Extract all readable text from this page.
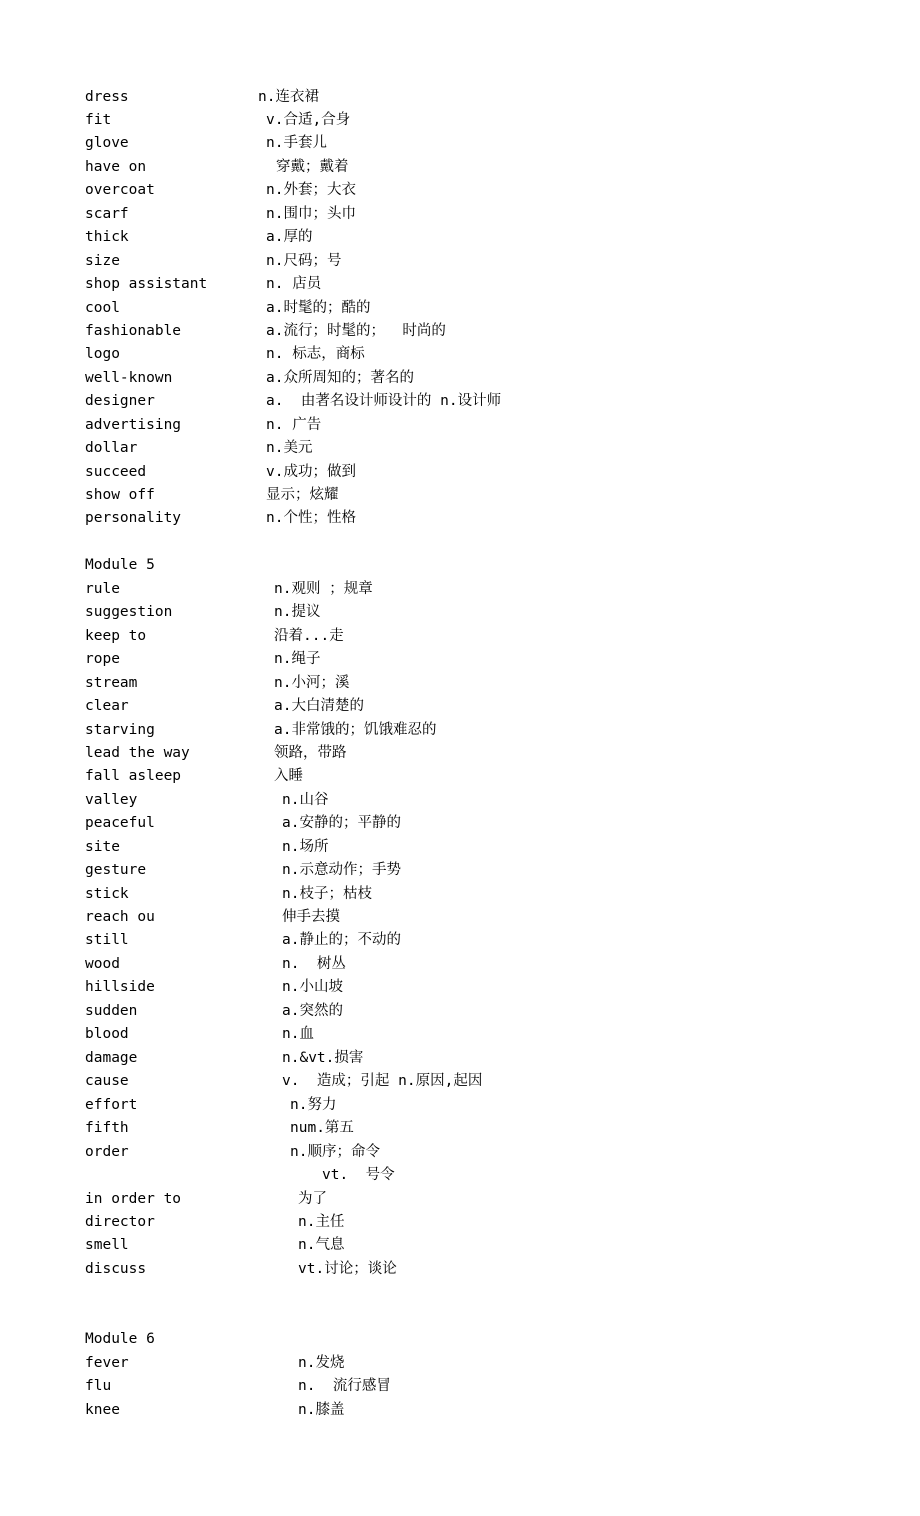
dress	n.连衣裙
fit	v.合适,合身
glove	n.手套儿
have on	穿戴；戴着
overcoat	n.外套；大衣
scarf	n.围巾；头巾
thick	a.厚的
size	n.尺码；号
shop assistant	n. 店员
cool	a.时髦的；酷的
fashionable	a.流行；时髦的；  时尚的
logo	n. 标志，商标
well-known	a.众所周知的；著名的
designer	a.  由著名设计师设计的 n.设计师
advertising	n. 广告
dollar	n.美元
succeed	v.成功；做到
show off	显示；炫耀
personality	n.个性；性格
Module 5
rule	n.观则 ；规章
suggestion	n.提议
keep to	沿着...走
rope	n.绳子
stream	n.小河；溪
clear	a.大白清楚的
starving	a.非常饿的；饥饿难忍的
lead the way	领路，带路
fall asleep	入睡
valley	n.山谷
peaceful	a.安静的；平静的
site	n.场所
gesture	n.示意动作；手势
stick	n.枝子；枯枝
reach ou	伸手去摸
still	a.静止的；不动的
wood	n.  树丛
hillside	n.小山坡
sudden	a.突然的
blood	n.血
damage	n.&vt.损害
cause	v.  造成；引起 n.原因,起因
effort	n.努力
fifth	num.第五
order	n.顺序；命令
vt.  号令
in order to	为了
director	n.主任
smell	n.气息
discuss	vt.讨论；谈论
Module 6
fever	n.发烧
flu	n.  流行感冒
knee	n.膝盖
